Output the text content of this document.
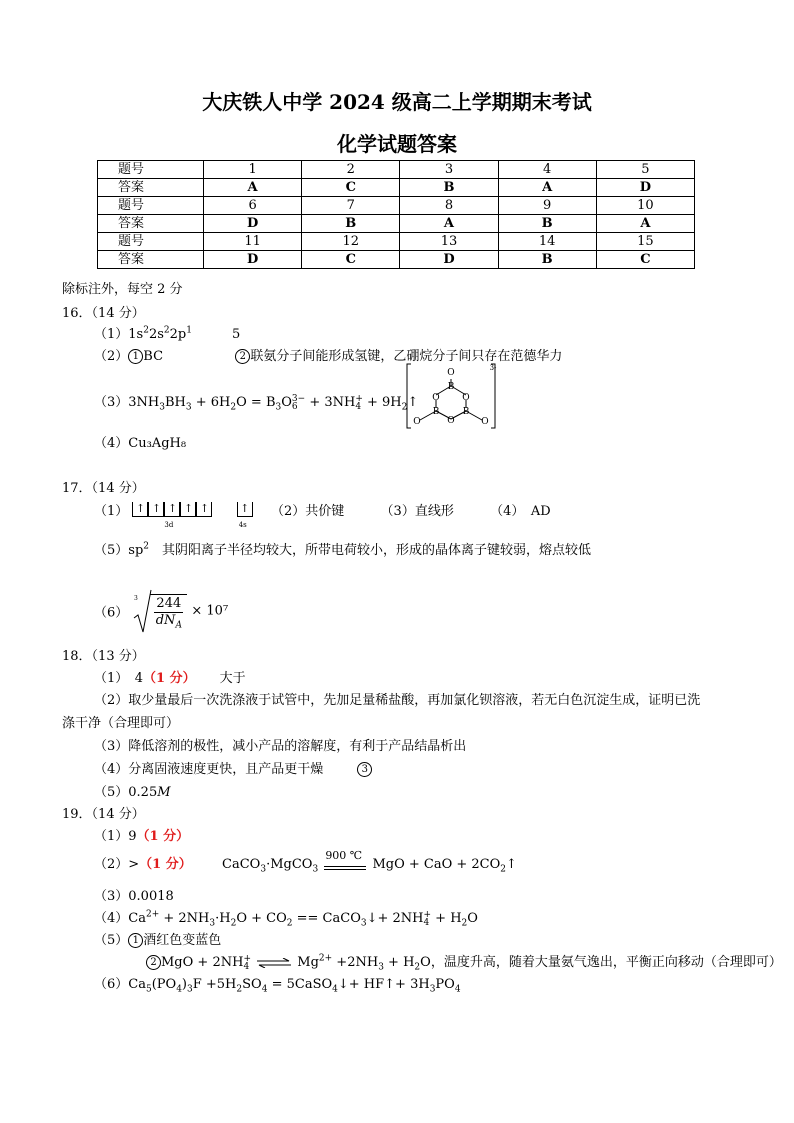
大庆铁人中学 2024 级高二上学期期末考试
化学试题答案
题号	1	2	3	4	5
答案	A	C	B	A	D
题号	6	7	8	9	10
答案	D	B	A	B	A
题号	11	12	13	14	15
答案	D	C	D	B	C
除标注外，每空 2 分
16．（14 分）
$(1)1s^22s^22p^1$	5
（2） 1 BC	2 联氨分子间能形成氢键，乙硼烷分子间只存在范德华力
$(3)3NH_3BH_3 + 6H_2O = B_3O$ 3−
6 + 3NH +
$4 + 9H_2↑$
O
B
O	O
B	B
O
O	O
3-
（4）Cu₃AgH₈
17．（14 分）
（1） ↑ ↑ ↑ ↑ ↑
3d
↑
4s
（2）共价键	（3）直线形	（4）　AD
$(5)sp^2$　 其阴阳离子半径均较大，所带电荷较小，形成的晶体离子键较弱，熔点较低
（6）
$3 \frac{244}{dN_A} \times 10^7$
18．（13 分）
（1）　4（1 分） 大于
（2）取少量最后一次洗涤液于试管中，先加足量稀盐酸，再加氯化钡溶液，若无白色沉淀生成，证明已洗
涤干净（合理即可）
（3）降低溶剂的极性，减小产品的溶解度，有利于产品结晶析出
（4）分离固液速度更快，且产品更干燥	3
（5）0.25M
19．（14 分）
（1）9（1 分）
（2）>（1 分）  CaCO$_3$·MgCO$_3$
900 ℃
MgO + CaO + $2CO_2↑$
（3）0.0018
$(4)Ca^{2+} + 2NH_3\cdot H_2O + CO_2$ == CaCO$_3$↓+ 2NH +
$4 + H_2O$
（5） 1 酒红色变蓝色
2 MgO + 2NH +
4 ⇌ $Mg^{2+} +2NH_3 + H_2O$，温度升高，随着大量氨气逸出，平衡正向移动（合理即可）
$(6)Ca_5(PO_4)_3F +5H_2SO_4$ = 5CaSO$_4$↓+ HF↑+ $3H_3PO_4$
